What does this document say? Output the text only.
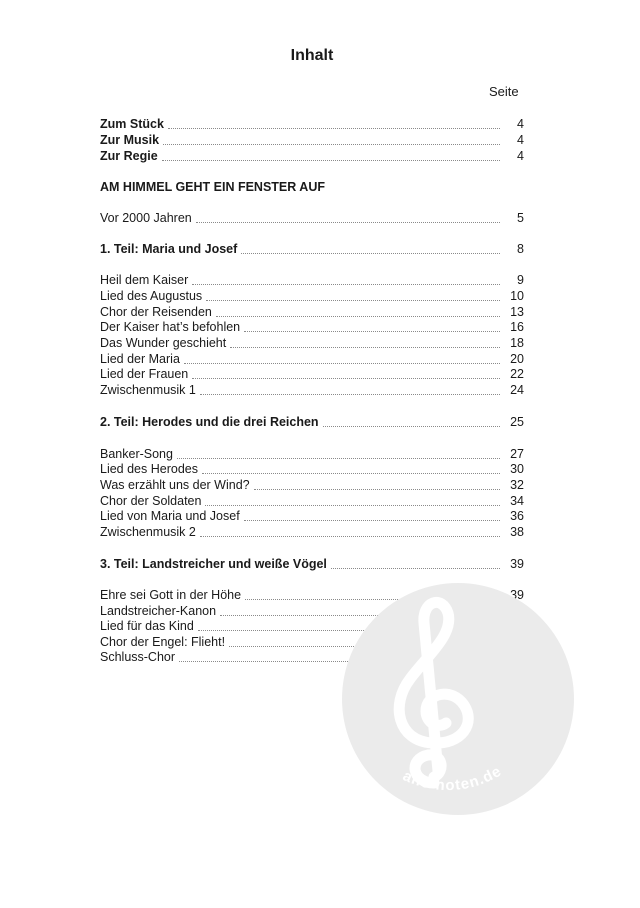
Inhalt
Seite
Zum Stück	4
Zur Musik	4
Zur Regie	4
AM HIMMEL GEHT EIN FENSTER AUF
Vor 2000 Jahren	5
1. Teil: Maria und Josef	8
Heil dem Kaiser	9
Lied des Augustus	10
Chor der Reisenden	13
Der Kaiser hat’s befohlen	16
Das Wunder geschieht	18
Lied der Maria	20
Lied der Frauen	22
Zwischenmusik 1	24
2. Teil: Herodes und die drei Reichen	25
Banker-Song	27
Lied des Herodes	30
Was erzählt uns der Wind?	32
Chor der Soldaten	34
Lied von Maria und Josef	36
Zwischenmusik 2	38
3. Teil: Landstreicher und weiße Vögel	39
Ehre sei Gott in der Höhe	39
Landstreicher-Kanon
Lied für das Kind
Chor der Engel: Flieht!
Schluss-Chor
alle-noten.de
